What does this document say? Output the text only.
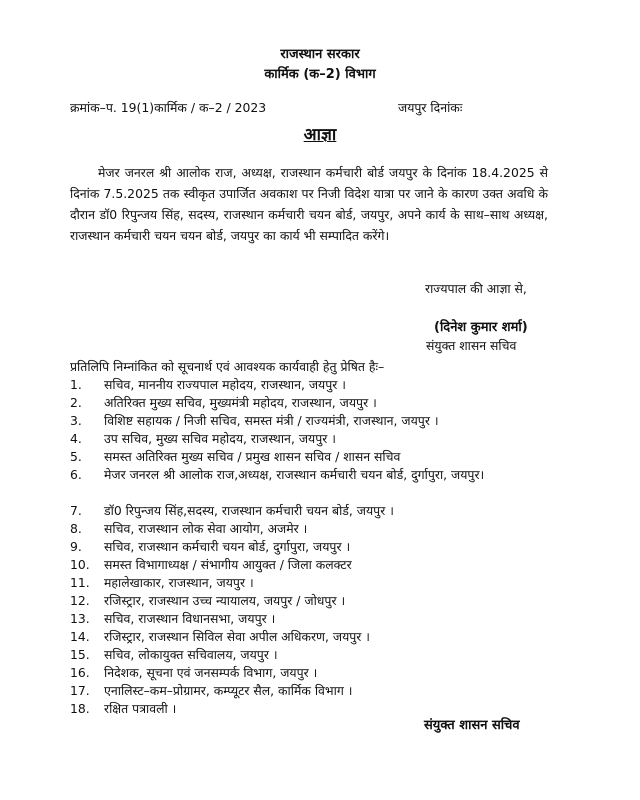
राजस्थान सरकार
कार्मिक (क–2) विभाग
क्रमांक–प. 19(1)कार्मिक / क–2 / 2023	जयपुर दिनांकः
आज्ञा

मेजर जनरल श्री आलोक राज, अध्यक्ष, राजस्थान कर्मचारी बोर्ड जयपुर के दिनांक 18.4.2025 से दिनांक 7.5.2025 तक स्वीकृत उपार्जित अवकाश पर निजी विदेश यात्रा पर जाने के कारण उक्त अवधि के दौरान डॉ0 रिपुन्जय सिंह, सदस्य, राजस्थान कर्मचारी चयन बोर्ड, जयपुर, अपने कार्य के साथ–साथ अध्यक्ष, राजस्थान कर्मचारी चयन चयन बोर्ड, जयपुर का कार्य भी सम्पादित करेंगे।

राज्यपाल की आज्ञा से,
(दिनेश कुमार शर्मा)
संयुक्त शासन सचिव
प्रतिलिपि निम्नांकित को सूचनार्थ एवं आवश्यक कार्यवाही हेतु प्रेषित हैः–
1.	सचिव, माननीय राज्यपाल महोदय, राजस्थान, जयपुर ।
2.	अतिरिक्त मुख्य सचिव, मुख्यमंत्री महोदय, राजस्थान, जयपुर ।
3.	विशिष्ट सहायक / निजी सचिव, समस्त मंत्री / राज्यमंत्री, राजस्थान, जयपुर ।
4.	उप सचिव, मुख्य सचिव महोदय, राजस्थान, जयपुर ।
5.	समस्त अतिरिक्त मुख्य सचिव / प्रमुख शासन सचिव / शासन सचिव
6.	मेजर जनरल श्री आलोक राज,अध्यक्ष, राजस्थान कर्मचारी चयन बोर्ड, दुर्गापुरा, जयपुर।
7.	डॉ0 रिपुन्जय सिंह,सदस्य, राजस्थान कर्मचारी चयन बोर्ड, जयपुर ।
8.	सचिव, राजस्थान लोक सेवा आयोग, अजमेर ।
9.	सचिव, राजस्थान कर्मचारी चयन बोर्ड, दुर्गापुरा, जयपुर ।
10.	समस्त विभागाध्यक्ष / संभागीय आयुक्त / जिला कलक्टर
11.	महालेखाकार, राजस्थान, जयपुर ।
12.	रजिस्ट्रार, राजस्थान उच्च न्यायालय, जयपुर / जोधपुर ।
13.	सचिव, राजस्थान विधानसभा, जयपुर ।
14.	रजिस्ट्रार, राजस्थान सिविल सेवा अपील अधिकरण, जयपुर ।
15.	सचिव, लोकायुक्त सचिवालय, जयपुर ।
16.	निदेशक, सूचना एवं जनसम्पर्क विभाग, जयपुर ।
17.	एनालिस्ट–कम–प्रोग्रामर, कम्प्यूटर सैल, कार्मिक विभाग ।
18.	रक्षित पत्रावली ।
संयुक्त शासन सचिव
